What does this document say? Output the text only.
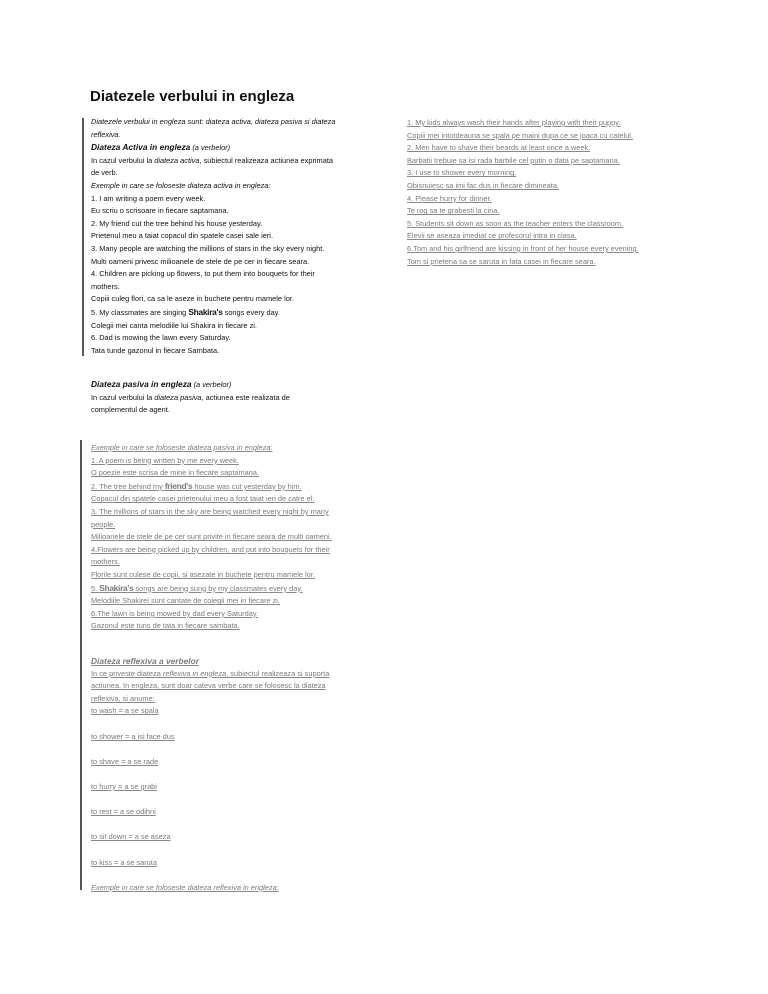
Diatezele verbului in engleza
Diatezele verbului in engleza sunt: diateza activa, diateza pasiva si diateza
reflexiva.
Diateza Activa in engleza (a verbelor)
In cazul verbului la diateza activa, subiectul realizeaza actiunea exprimata
de verb.
Exemple in care se foloseste diateza activa in engleza:
1. I am writing a poem every week.
Eu scriu o scrisoare in fiecare saptamana.
2. My friend cut the tree behind his house yesterday.
Prietenul meu a taiat copacul din spatele casei sale ieri.
3. Many people are watching the millions of stars in the sky every night.
Multi oameni privesc milioanele de stele de pe cer in fiecare seara.
4. Children are picking up flowers, to put them into bouquets for their
mothers.
Copiii culeg flori, ca sa le aseze in buchete pentru mamele lor.
5. My classmates are singing Shakira's songs every day.
Colegii mei canta melodiile lui Shakira in fiecare zi.
6. Dad is mowing the lawn every Saturday.
Tata tunde gazonul in fiecare Sambata.
Diateza pasiva in engleza (a verbelor)
In cazul verbului la diateza pasiva, actiunea este realizata de
complementul de agent.
Exemple in care se foloseste diateza pasiva in engleza:
1. A poem is being written by me every week.
O poezie este scrisa de mine in fiecare saptamana.
2. The tree behind my friend's house was cut yesterday by him.
Copacul din spatele casei prietenului meu a fost taiat ieri de catre el.
3. The millions of stars in the sky are being watched every night by many
people.
Milioanele de stele de pe cer sunt privite in fiecare seara de multi oameni.
4.Flowers are being picked up by children, and put into bouquets for their
mothers.
Florile sunt culese de copii, si asezate in buchete pentru mamele lor.
5. Shakira's songs are being sung by my classmates every day.
Melodiile Shakirei sunt cantate de colegii mei in fiecare zi.
6.The lawn is being mowed by dad every Saturday.
Gazonul este tuns de tata in fiecare sambata.
Diateza reflexiva a verbelor
In ce priveste diateza reflexiva in engleza, subiectul realizeaza si suporta
actiunea. In engleza, sunt doar cateva verbe care se folosesc la diateza
reflexiva, si anume:
to wash = a se spala
to shower = a isi face dus
to shave = a se rade
to hurry = a se grabi
to rest = a se odihni
to sit down = a se aseza
to kiss = a se saruta
Exemple in care se foloseste diateza reflexiva in engleza:
1. My kids always wash their hands after playing with their puppy.
Copiii mei intotdeauna se spala pe maini dupa ce se joaca cu catelul.
2. Men have to shave their beards at least once a week.
Barbatii trebuie sa isi rada barbile cel putin o data pe saptamana.
3. I use to shower every morning.
Obisnuiesc sa imi fac dus in fiecare dimineata.
4. Please hurry for dinner.
Te rog sa te grabesti la cina.
5. Students sit down as soon as the teacher enters the classroom.
Elevii se aseaza imediat ce profesorul intra in clasa.
6.Tom and his girlfriend are kissing in front of her house every evening.
Tom si prietena sa se saruta in fata casei in fiecare seara.
